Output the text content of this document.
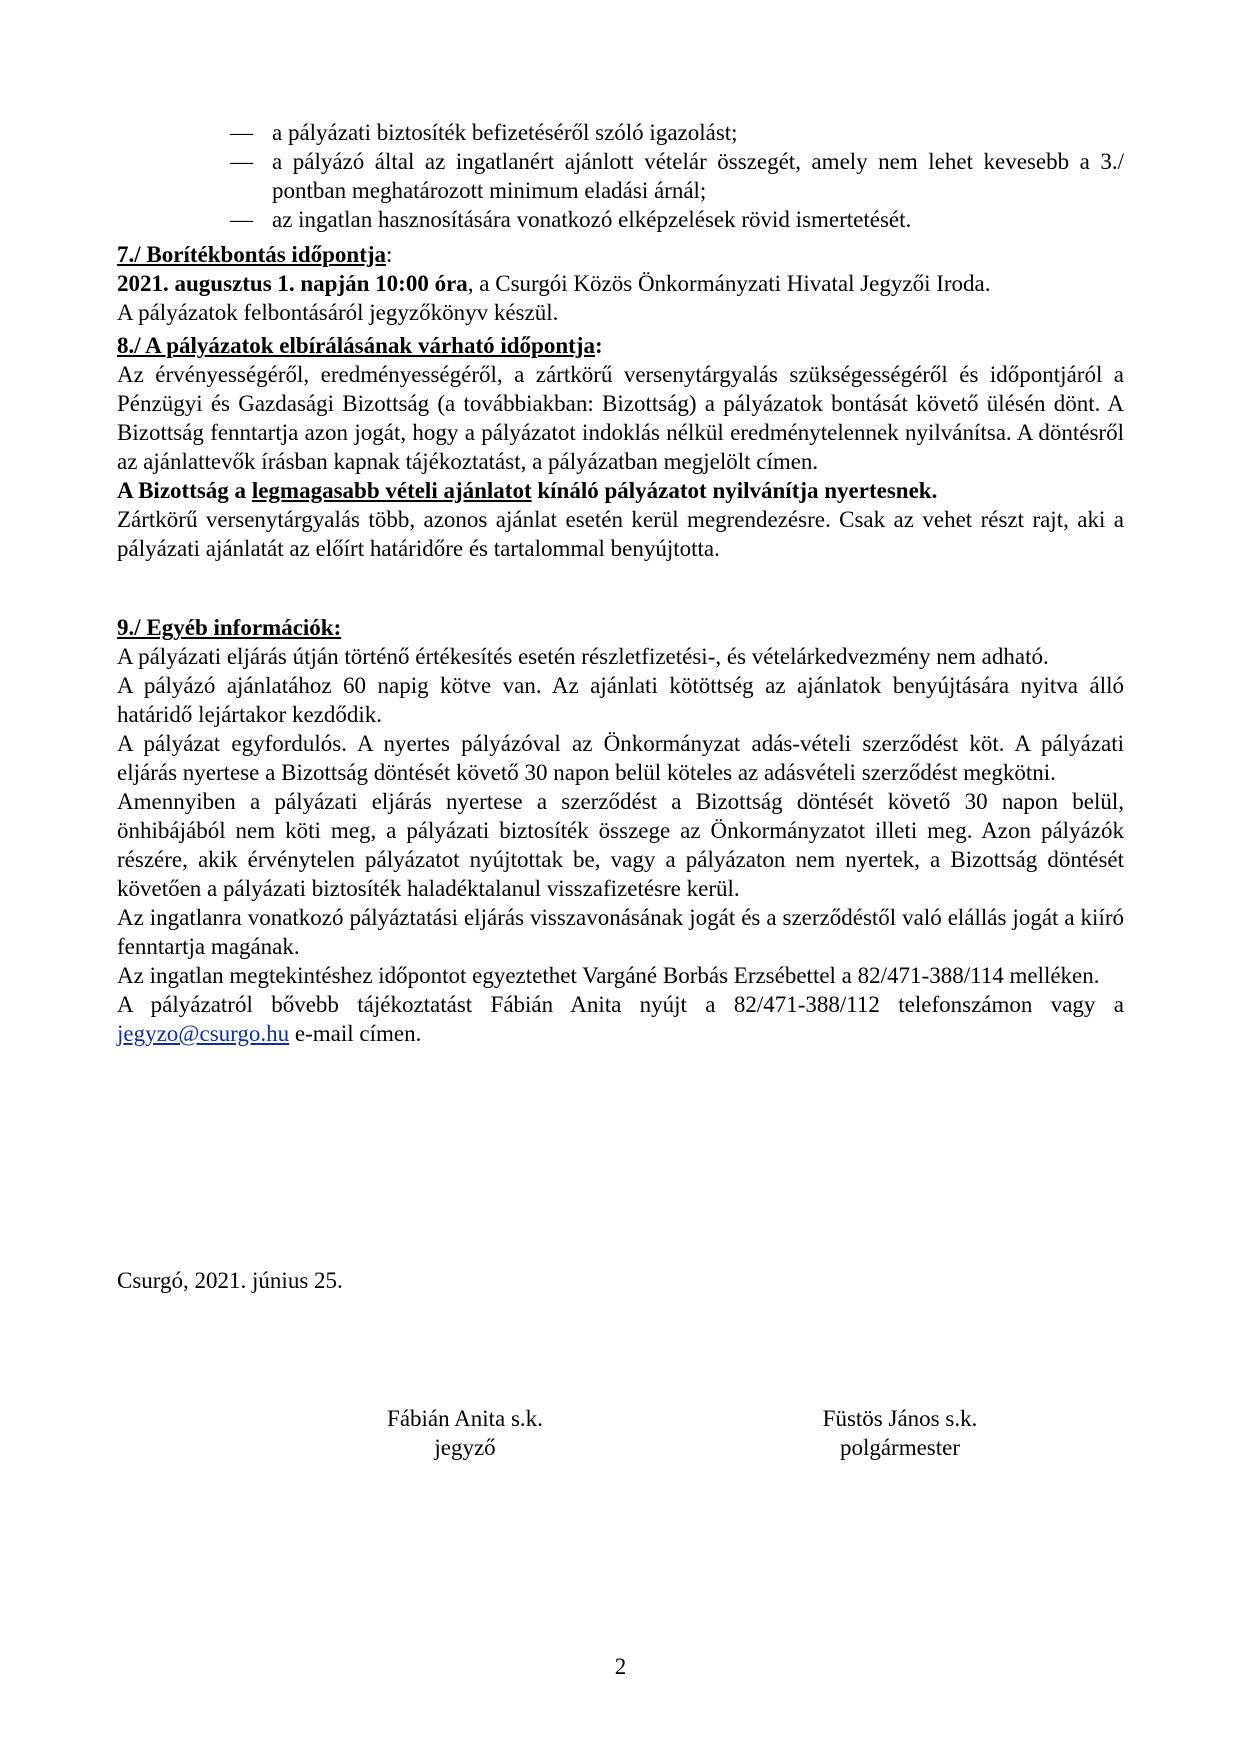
— a pályázati biztosíték befizetéséről szóló igazolást;
— a pályázó által az ingatlanért ajánlott vételár összegét, amely nem lehet kevesebb a 3./ pontban meghatározott minimum eladási árnál;
— az ingatlan hasznosítására vonatkozó elképzelések rövid ismertetését.

7./ Borítékbontás időpontja:

2021. augusztus 1. napján 10:00 óra, a Csurgói Közös Önkormányzati Hivatal Jegyzői Iroda.

A pályázatok felbontásáról jegyzőkönyv készül.

8./ A pályázatok elbírálásának várható időpontja:

Az érvényességéről, eredményességéről, a zártkörű versenytárgyalás szükségességéről és időpontjáról a Pénzügyi és Gazdasági Bizottság (a továbbiakban: Bizottság) a pályázatok bontását követő ülésén dönt. A Bizottság fenntartja azon jogát, hogy a pályázatot indoklás nélkül eredménytelennek nyilvánítsa. A döntésről az ajánlattevők írásban kapnak tájékoztatást, a pályázatban megjelölt címen.

A Bizottság a legmagasabb vételi ajánlatot kínáló pályázatot nyilvánítja nyertesnek.

Zártkörű versenytárgyalás több, azonos ajánlat esetén kerül megrendezésre. Csak az vehet részt rajt, aki a pályázati ajánlatát az előírt határidőre és tartalommal benyújtotta.

9./ Egyéb információk:

A pályázati eljárás útján történő értékesítés esetén részletfizetési-, és vételárkedvezmény nem adható.

A pályázó ajánlatához 60 napig kötve van. Az ajánlati kötöttség az ajánlatok benyújtására nyitva álló határidő lejártakor kezdődik.

A pályázat egyfordulós. A nyertes pályázóval az Önkormányzat adás-vételi szerződést köt. A pályázati eljárás nyertese a Bizottság döntését követő 30 napon belül köteles az adásvételi szerződést megkötni.

Amennyiben a pályázati eljárás nyertese a szerződést a Bizottság döntését követő 30 napon belül, önhibájából nem köti meg, a pályázati biztosíték összege az Önkormányzatot illeti meg. Azon pályázók részére, akik érvénytelen pályázatot nyújtottak be, vagy a pályázaton nem nyertek, a Bizottság döntését követően a pályázati biztosíték haladéktalanul visszafizetésre kerül.

Az ingatlanra vonatkozó pályáztatási eljárás visszavonásának jogát és a szerződéstől való elállás jogát a kiíró fenntartja magának.

Az ingatlan megtekintéshez időpontot egyeztethet Vargáné Borbás Erzsébettel a 82/471-388/114 melléken.

A pályázatról bővebb tájékoztatást Fábián Anita nyújt a 82/471-388/112 telefonszámon vagy a jegyzo@csurgo.hu e-mail címen.

Csurgó, 2021. június 25.
Fábián Anita s.k.
jegyző
Füstös János s.k.
polgármester
2
